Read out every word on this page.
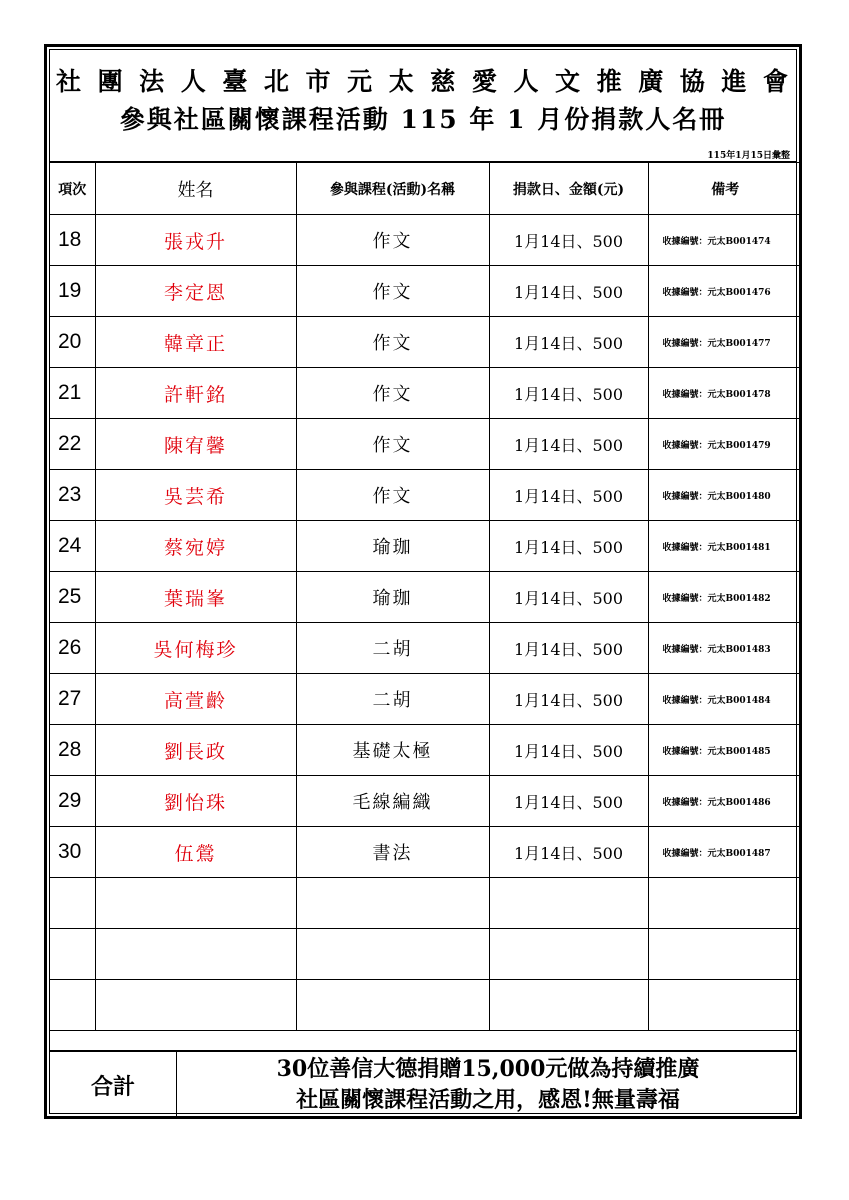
社團法人臺北市元太慈愛人文推廣協進會
參與社區關懷課程活動 115 年 1 月份捐款人名冊
115年1月15日彙整
項次	姓名	參與課程(活動)名稱	捐款日、金額(元)	備考
18	張戎升	作文	1月14日、500	收據編號：元太B001474
19	李定恩	作文	1月14日、500	收據編號：元太B001476
20	韓章正	作文	1月14日、500	收據編號：元太B001477
21	許軒銘	作文	1月14日、500	收據編號：元太B001478
22	陳宥馨	作文	1月14日、500	收據編號：元太B001479
23	吳芸希	作文	1月14日、500	收據編號：元太B001480
24	蔡宛婷	瑜珈	1月14日、500	收據編號：元太B001481
25	葉瑞峯	瑜珈	1月14日、500	收據編號：元太B001482
26	吳何梅珍	二胡	1月14日、500	收據編號：元太B001483
27	高萱齡	二胡	1月14日、500	收據編號：元太B001484
28	劉長政	基礎太極	1月14日、500	收據編號：元太B001485
29	劉怡珠	毛線編織	1月14日、500	收據編號：元太B001486
30	伍鶯	書法	1月14日、500	收據編號：元太B001487

合計
30位善信大德捐贈15,000元做為持續推廣
社區關懷課程活動之用，感恩!無量壽福
